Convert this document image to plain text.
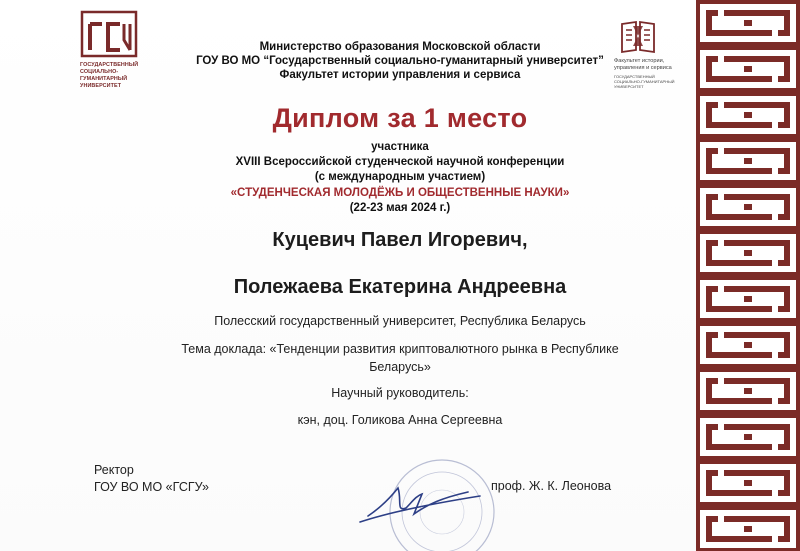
ГОСУДАРСТВЕННЫЙ
СОЦИАЛЬНО-
ГУМАНИТАРНЫЙ
УНИВЕРСИТЕТ
Министерство образования Московской области
ГОУ ВО МО “Государственный социально-гуманитарный университет”
Факультет истории управления и сервиса
Факультет истории,
управления и сервиса
ГОСУДАРСТВЕННЫЙ
СОЦИАЛЬНО-ГУМАНИТАРНЫЙ
УНИВЕРСИТЕТ
Диплом за 1 место
участника
XVIII Всероссийской студенческой научной конференции
(с международным участием)
«СТУДЕНЧЕСКАЯ МОЛОДЁЖЬ И ОБЩЕСТВЕННЫЕ НАУКИ»
(22-23 мая 2024 г.)
Куцевич Павел Игоревич,
Полежаева Екатерина Андреевна
Полесский государственный университет, Республика Беларусь
Тема доклада: «Тенденции развития криптовалютного рынка в Республике
Беларусь»
Научный руководитель:
кэн, доц. Голикова Анна Сергеевна
Ректор
ГОУ ВО МО «ГСГУ»	проф. Ж. К. Леонова
